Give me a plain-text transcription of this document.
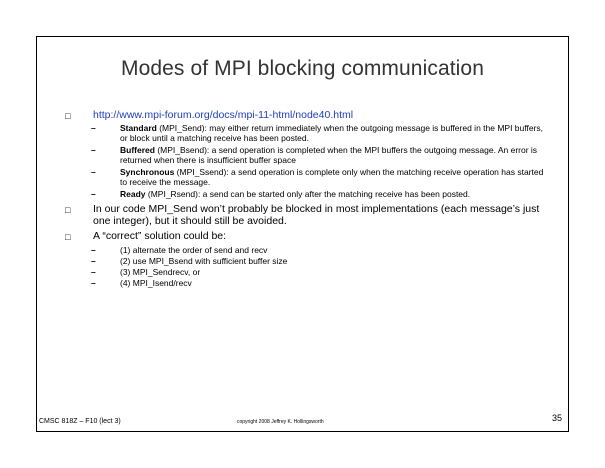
Modes of MPI blocking communication
□ http://www.mpi-forum.org/docs/mpi-11-html/node40.html
–	Standard (MPI_Send): may either return immediately when the outgoing message is buffered in the MPI buffers, or block until a matching receive has been posted.
–	Buffered (MPI_Bsend): a send operation is completed when the MPI buffers the outgoing message. An error is returned when there is insufficient buffer space
–	Synchronous (MPI_Ssend): a send operation is complete only when the matching receive operation has started to receive the message.
–	Ready (MPI_Rsend): a send can be started only after the matching receive has been posted.
□ In our code MPI_Send won’t probably be blocked in most implementations (each message’s just one integer), but it should still be avoided.
□ A “correct” solution could be:
–	(1) alternate the order of send and recv
–	(2) use MPI_Bsend with sufficient buffer size
–	(3) MPI_Sendrecv, or
–	(4) MPI_Isend/recv
CMSC 818Z – F10 (lect 3)	copyright 2008 Jeffrey K. Hollingsworth	35
